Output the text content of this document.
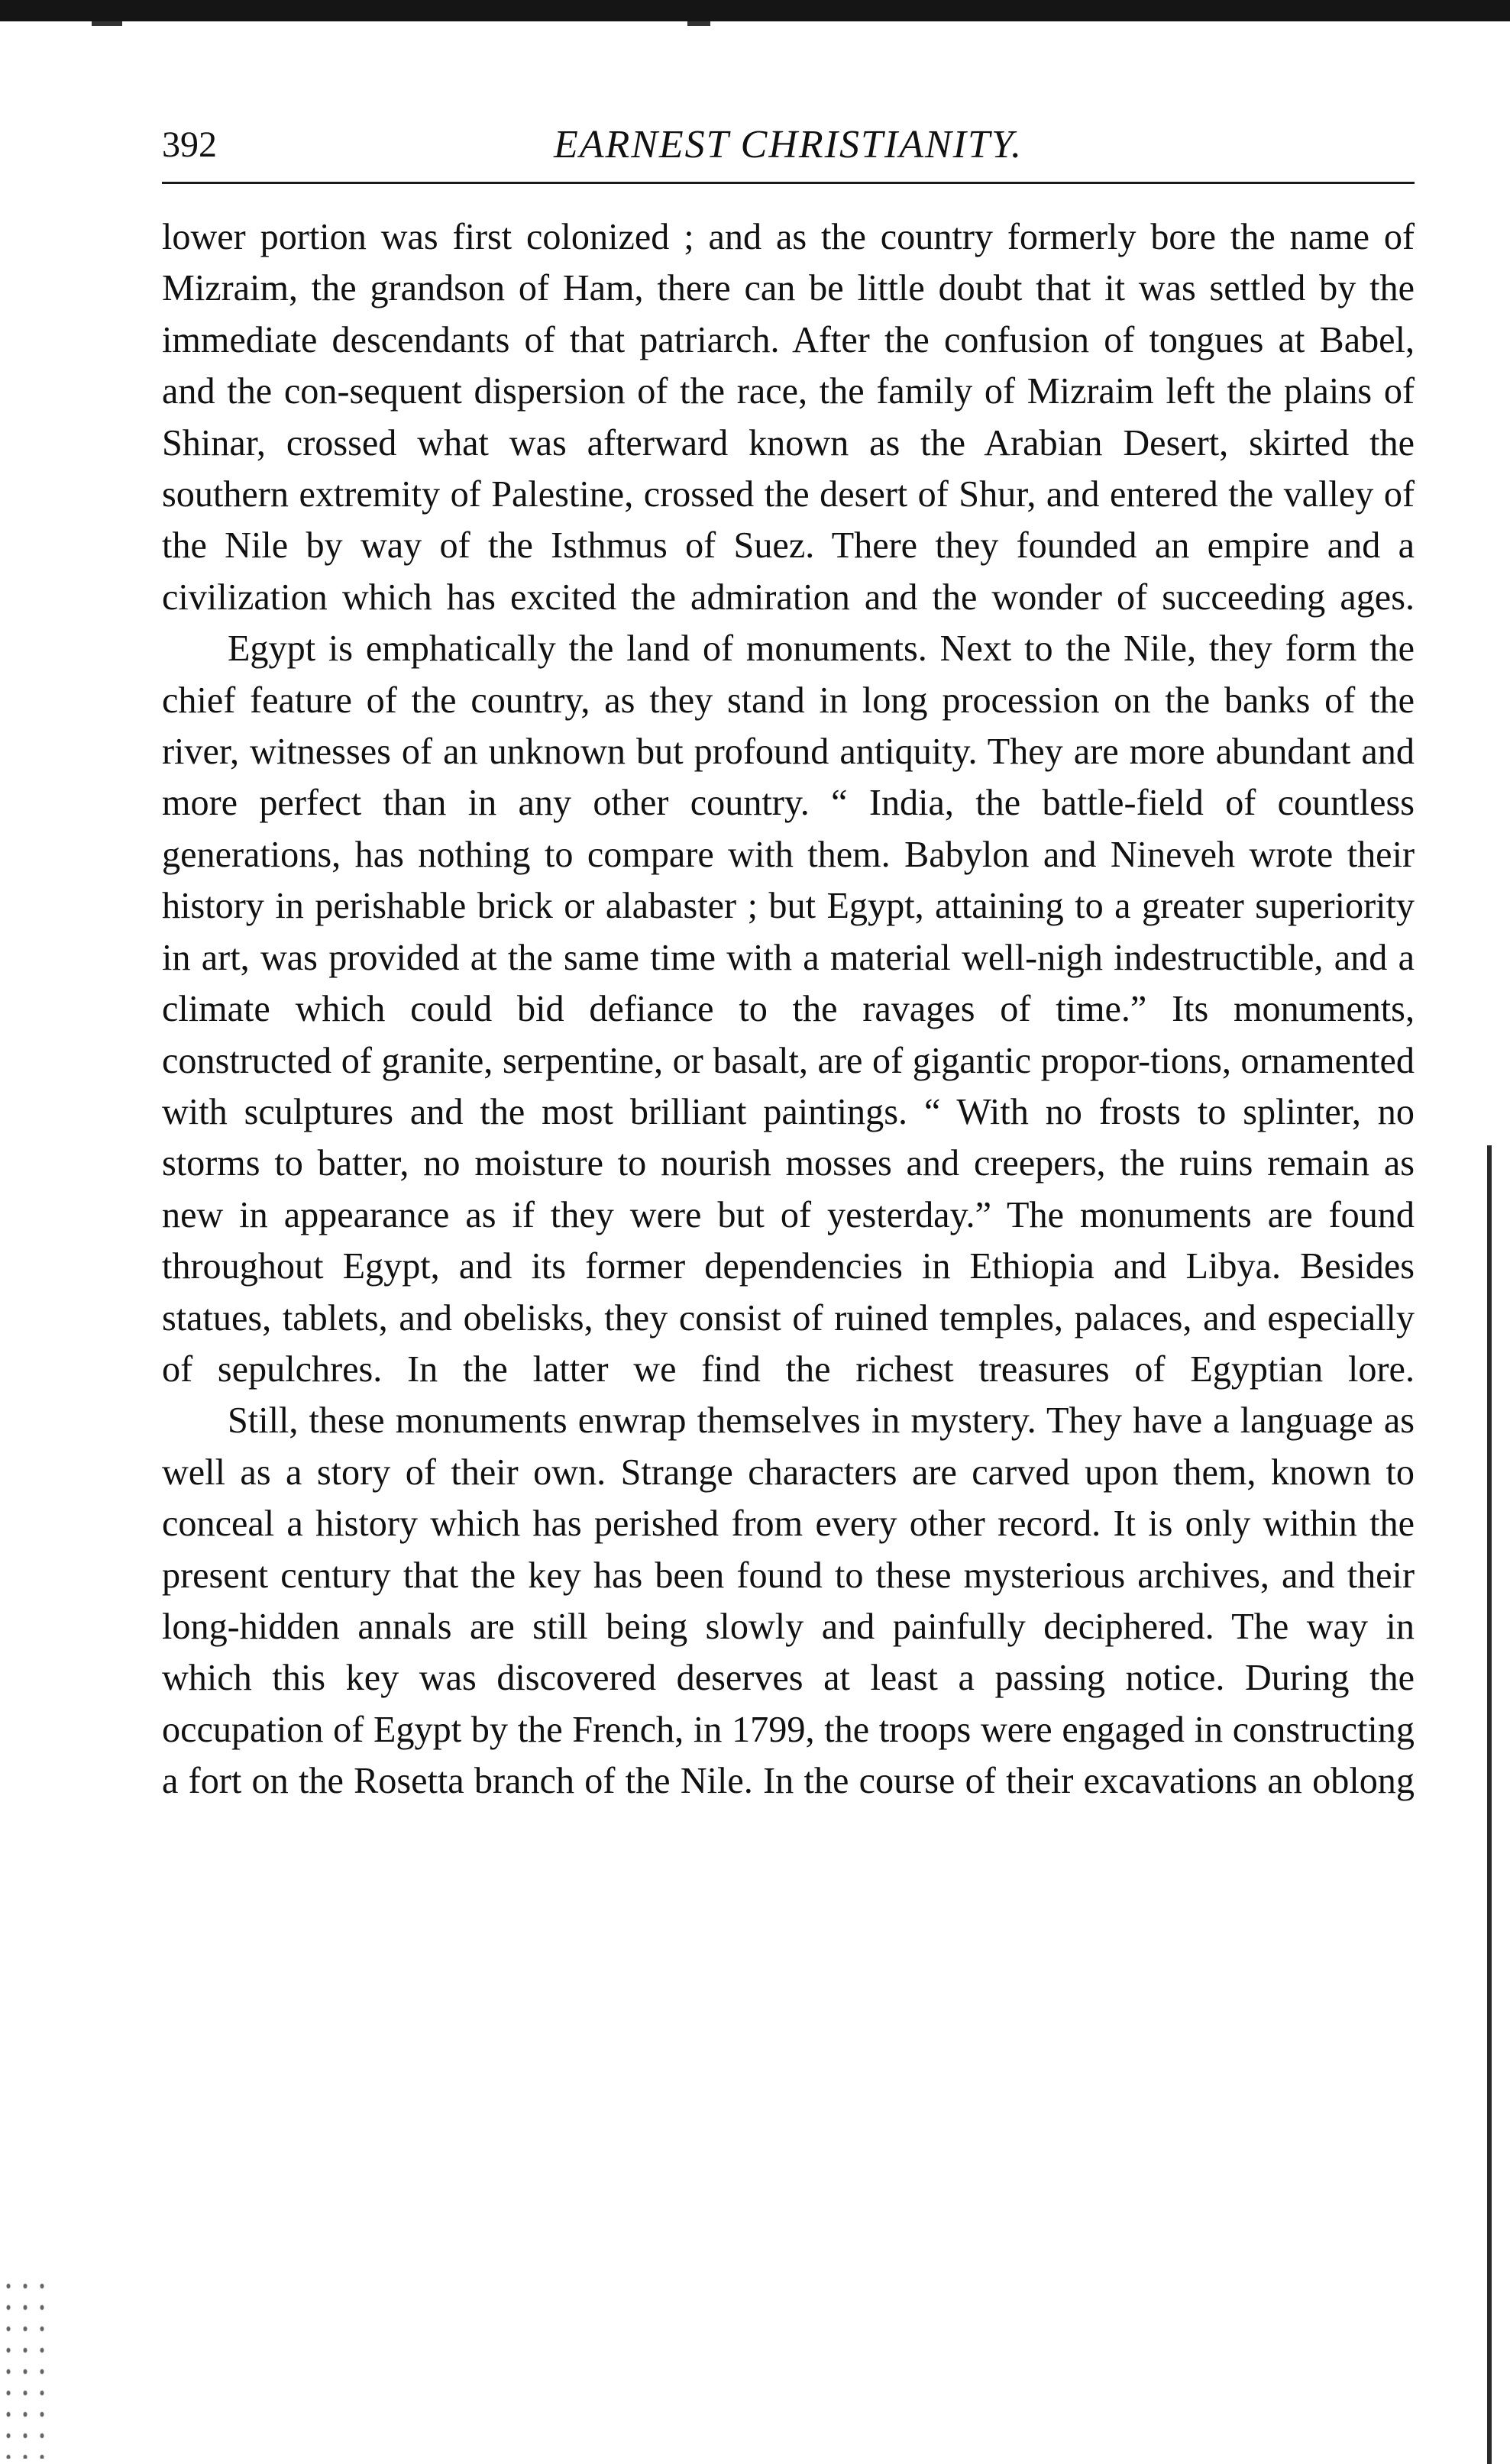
392	EARNEST CHRISTIANITY.

lower portion was first colonized ; and as the country formerly bore the name of Mizraim, the grandson of Ham, there can be little doubt that it was settled by the immediate descendants of that patriarch. After the confusion of tongues at Babel, and the con-sequent dispersion of the race, the family of Mizraim left the plains of Shinar, crossed what was afterward known as the Arabian Desert, skirted the southern extremity of Palestine, crossed the desert of Shur, and entered the valley of the Nile by way of the Isthmus of Suez. There they founded an empire and a civilization which has excited the admiration and the wonder of succeeding ages.

Egypt is emphatically the land of monuments. Next to the Nile, they form the chief feature of the country, as they stand in long procession on the banks of the river, witnesses of an unknown but profound antiquity. They are more abundant and more perfect than in any other country. “ India, the battle-field of countless generations, has nothing to compare with them. Babylon and Nineveh wrote their history in perishable brick or alabaster ; but Egypt, attaining to a greater superiority in art, was provided at the same time with a material well-nigh indestructible, and a climate which could bid defiance to the ravages of time.” Its monuments, constructed of granite, serpentine, or basalt, are of gigantic propor-tions, ornamented with sculptures and the most brilliant paintings. “ With no frosts to splinter, no storms to batter, no moisture to nourish mosses and creepers, the ruins remain as new in appearance as if they were but of yesterday.” The monuments are found throughout Egypt, and its former dependencies in Ethiopia and Libya. Besides statues, tablets, and obelisks, they consist of ruined temples, palaces, and especially of sepulchres. In the latter we find the richest treasures of Egyptian lore.

Still, these monuments enwrap themselves in mystery. They have a language as well as a story of their own. Strange characters are carved upon them, known to conceal a history which has perished from every other record. It is only within the present century that the key has been found to these mysterious archives, and their long-hidden annals are still being slowly and painfully deciphered. The way in which this key was discovered deserves at least a passing notice. During the occupation of Egypt by the French, in 1799, the troops were engaged in constructing a fort on the Rosetta branch of the Nile. In the course of their excavations an oblong
